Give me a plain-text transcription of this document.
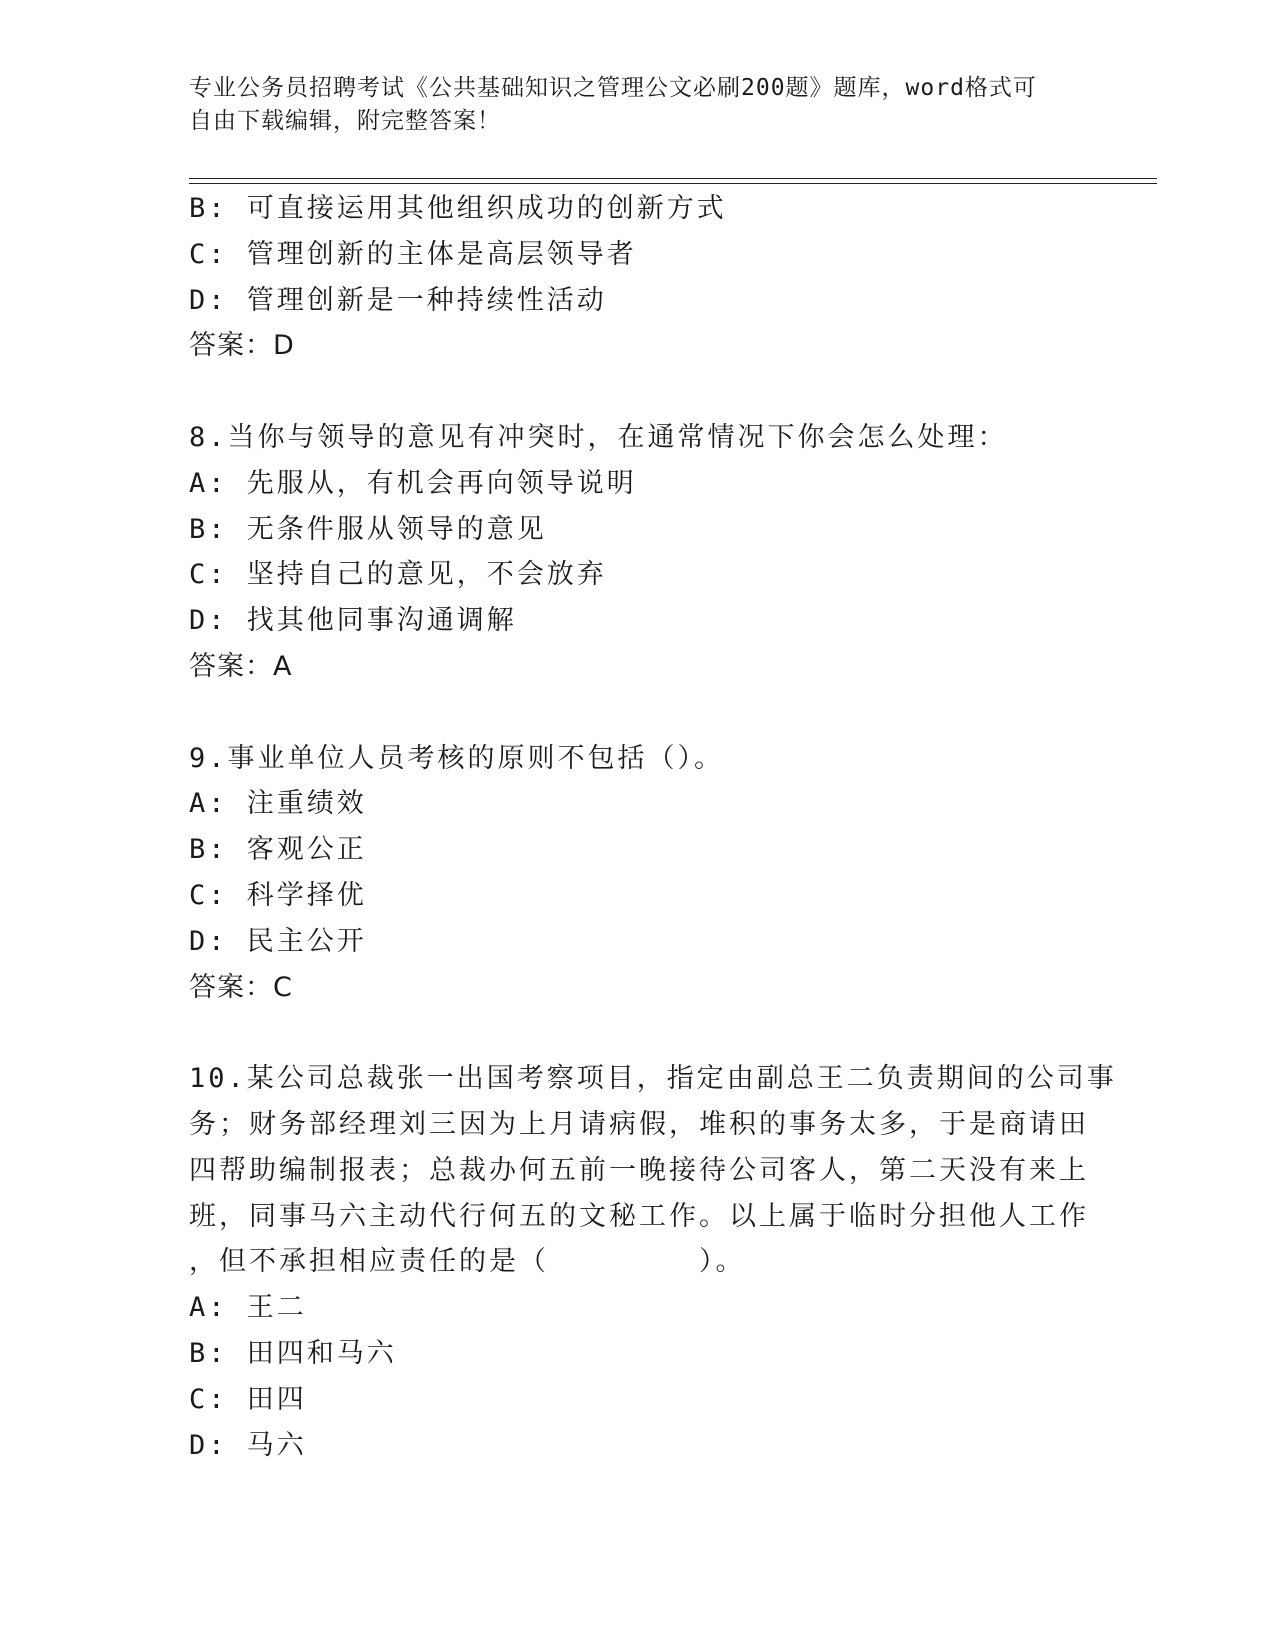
专业公务员招聘考试《公共基础知识之管理公文必刷200题》题库，word格式可
自由下载编辑，附完整答案！
B: 可直接运用其他组织成功的创新方式
C: 管理创新的主体是高层领导者
D: 管理创新是一种持续性活动
答案：D
8.当你与领导的意见有冲突时，在通常情况下你会怎么处理：
A: 先服从，有机会再向领导说明
B: 无条件服从领导的意见
C: 坚持自己的意见，不会放弃
D: 找其他同事沟通调解
答案：A
9.事业单位人员考核的原则不包括（）。
A: 注重绩效
B: 客观公正
C: 科学择优
D: 民主公开
答案：C
10.某公司总裁张一出国考察项目，指定由副总王二负责期间的公司事
务；财务部经理刘三因为上月请病假，堆积的事务太多，于是商请田
四帮助编制报表；总裁办何五前一晚接待公司客人，第二天没有来上
班，同事马六主动代行何五的文秘工作。以上属于临时分担他人工作
，但不承担相应责任的是（　　　　　）。
A: 王二
B: 田四和马六
C: 田四
D: 马六
